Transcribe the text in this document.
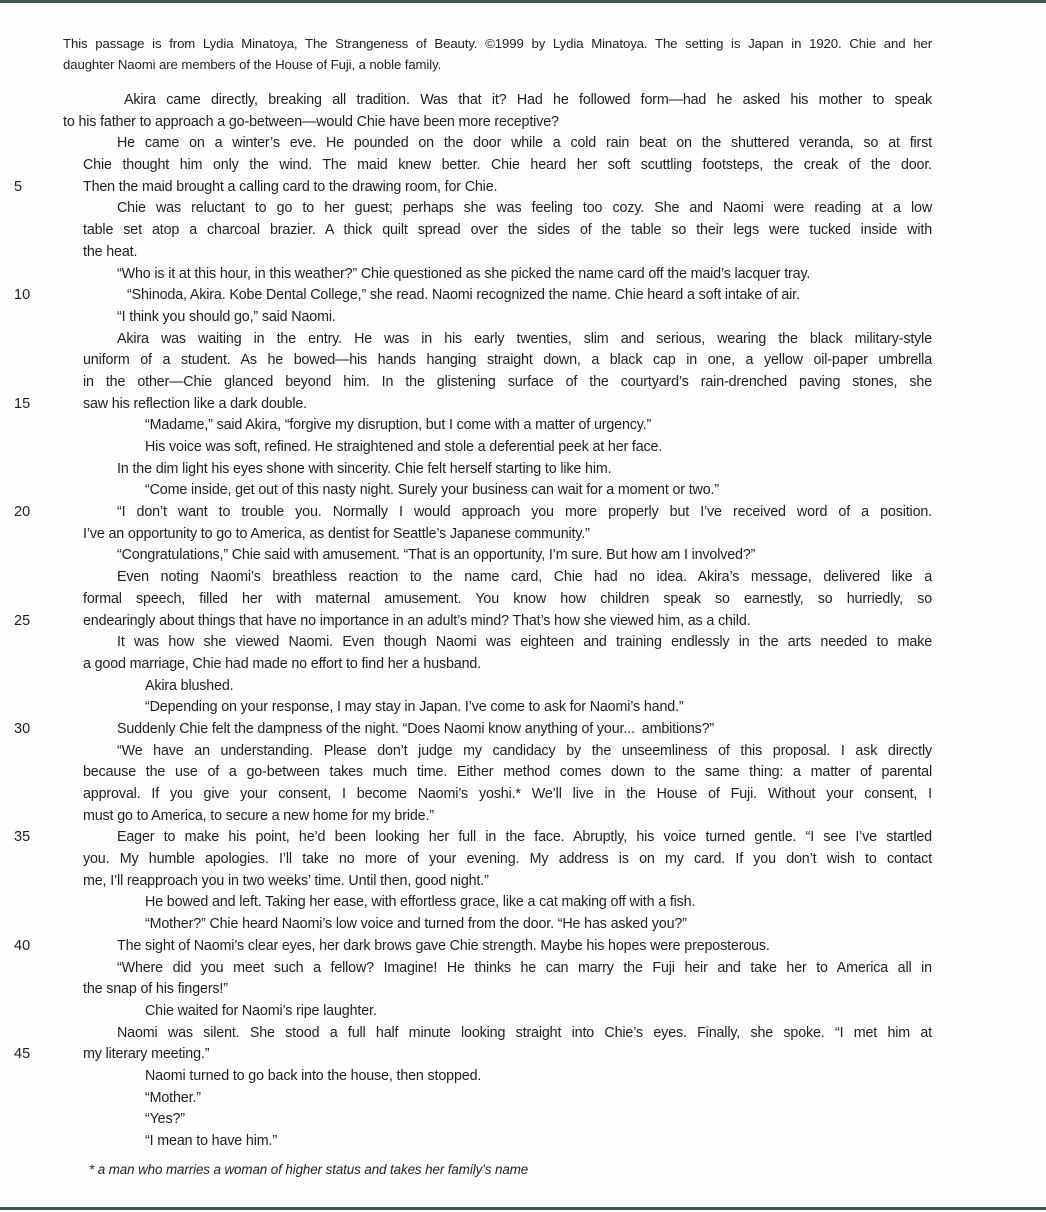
This passage is from Lydia Minatoya, The Strangeness of Beauty. ©1999 by Lydia Minatoya. The setting is Japan in 1920. Chie and her
daughter Naomi are members of the House of Fuji, a noble family.
Akira came directly, breaking all tradition. Was that it? Had he followed form—had he asked his mother to speak
to his father to approach a go-between—would Chie have been more receptive?
He came on a winter’s eve. He pounded on the door while a cold rain beat on the shuttered veranda, so at first
Chie thought him only the wind. The maid knew better. Chie heard her soft scuttling footsteps, the creak of the door.
5	Then the maid brought a calling card to the drawing room, for Chie.
Chie was reluctant to go to her guest; perhaps she was feeling too cozy. She and Naomi were reading at a low
table set atop a charcoal brazier. A thick quilt spread over the sides of the table so their legs were tucked inside with
the heat.
“Who is it at this hour, in this weather?” Chie questioned as she picked the name card off the maid’s lacquer tray.
10	“Shinoda, Akira. Kobe Dental College,” she read. Naomi recognized the name. Chie heard a soft intake of air.
“I think you should go,” said Naomi.
Akira was waiting in the entry. He was in his early twenties, slim and serious, wearing the black military-style
uniform of a student. As he bowed—his hands hanging straight down, a black cap in one, a yellow oil-paper umbrella
in the other—Chie glanced beyond him. In the glistening surface of the courtyard’s rain-drenched paving stones, she
15	saw his reflection like a dark double.
“Madame,” said Akira, “forgive my disruption, but I come with a matter of urgency.”
His voice was soft, refined. He straightened and stole a deferential peek at her face.
In the dim light his eyes shone with sincerity. Chie felt herself starting to like him.
“Come inside, get out of this nasty night. Surely your business can wait for a moment or two.”
20	“I don’t want to trouble you. Normally I would approach you more properly but I’ve received word of a position.
I’ve an opportunity to go to America, as dentist for Seattle’s Japanese community.”
“Congratulations,” Chie said with amusement. “That is an opportunity, I’m sure. But how am I involved?”
Even noting Naomi’s breathless reaction to the name card, Chie had no idea. Akira’s message, delivered like a
formal speech, filled her with maternal amusement. You know how children speak so earnestly, so hurriedly, so
25	endearingly about things that have no importance in an adult’s mind? That’s how she viewed him, as a child.
It was how she viewed Naomi. Even though Naomi was eighteen and training endlessly in the arts needed to make
a good marriage, Chie had made no effort to find her a husband.
Akira blushed.
“Depending on your response, I may stay in Japan. I’ve come to ask for Naomi’s hand.”
30	Suddenly Chie felt the dampness of the night. “Does Naomi know anything of your... ambitions?”
“We have an understanding. Please don’t judge my candidacy by the unseemliness of this proposal. I ask directly
because the use of a go-between takes much time. Either method comes down to the same thing: a matter of parental
approval. If you give your consent, I become Naomi’s yoshi.* We’ll live in the House of Fuji. Without your consent, I
must go to America, to secure a new home for my bride.”
35	Eager to make his point, he’d been looking her full in the face. Abruptly, his voice turned gentle. “I see I’ve startled
you. My humble apologies. I’ll take no more of your evening. My address is on my card. If you don’t wish to contact
me, I’ll reapproach you in two weeks’ time. Until then, good night.”
He bowed and left. Taking her ease, with effortless grace, like a cat making off with a fish.
“Mother?” Chie heard Naomi’s low voice and turned from the door. “He has asked you?”
40	The sight of Naomi’s clear eyes, her dark brows gave Chie strength. Maybe his hopes were preposterous.
“Where did you meet such a fellow? Imagine! He thinks he can marry the Fuji heir and take her to America all in
the snap of his fingers!”
Chie waited for Naomi’s ripe laughter.
Naomi was silent. She stood a full half minute looking straight into Chie’s eyes. Finally, she spoke. “I met him at
45	my literary meeting.”
Naomi turned to go back into the house, then stopped.
“Mother.”
“Yes?”
“I mean to have him.”
* a man who marries a woman of higher status and takes her family’s name
